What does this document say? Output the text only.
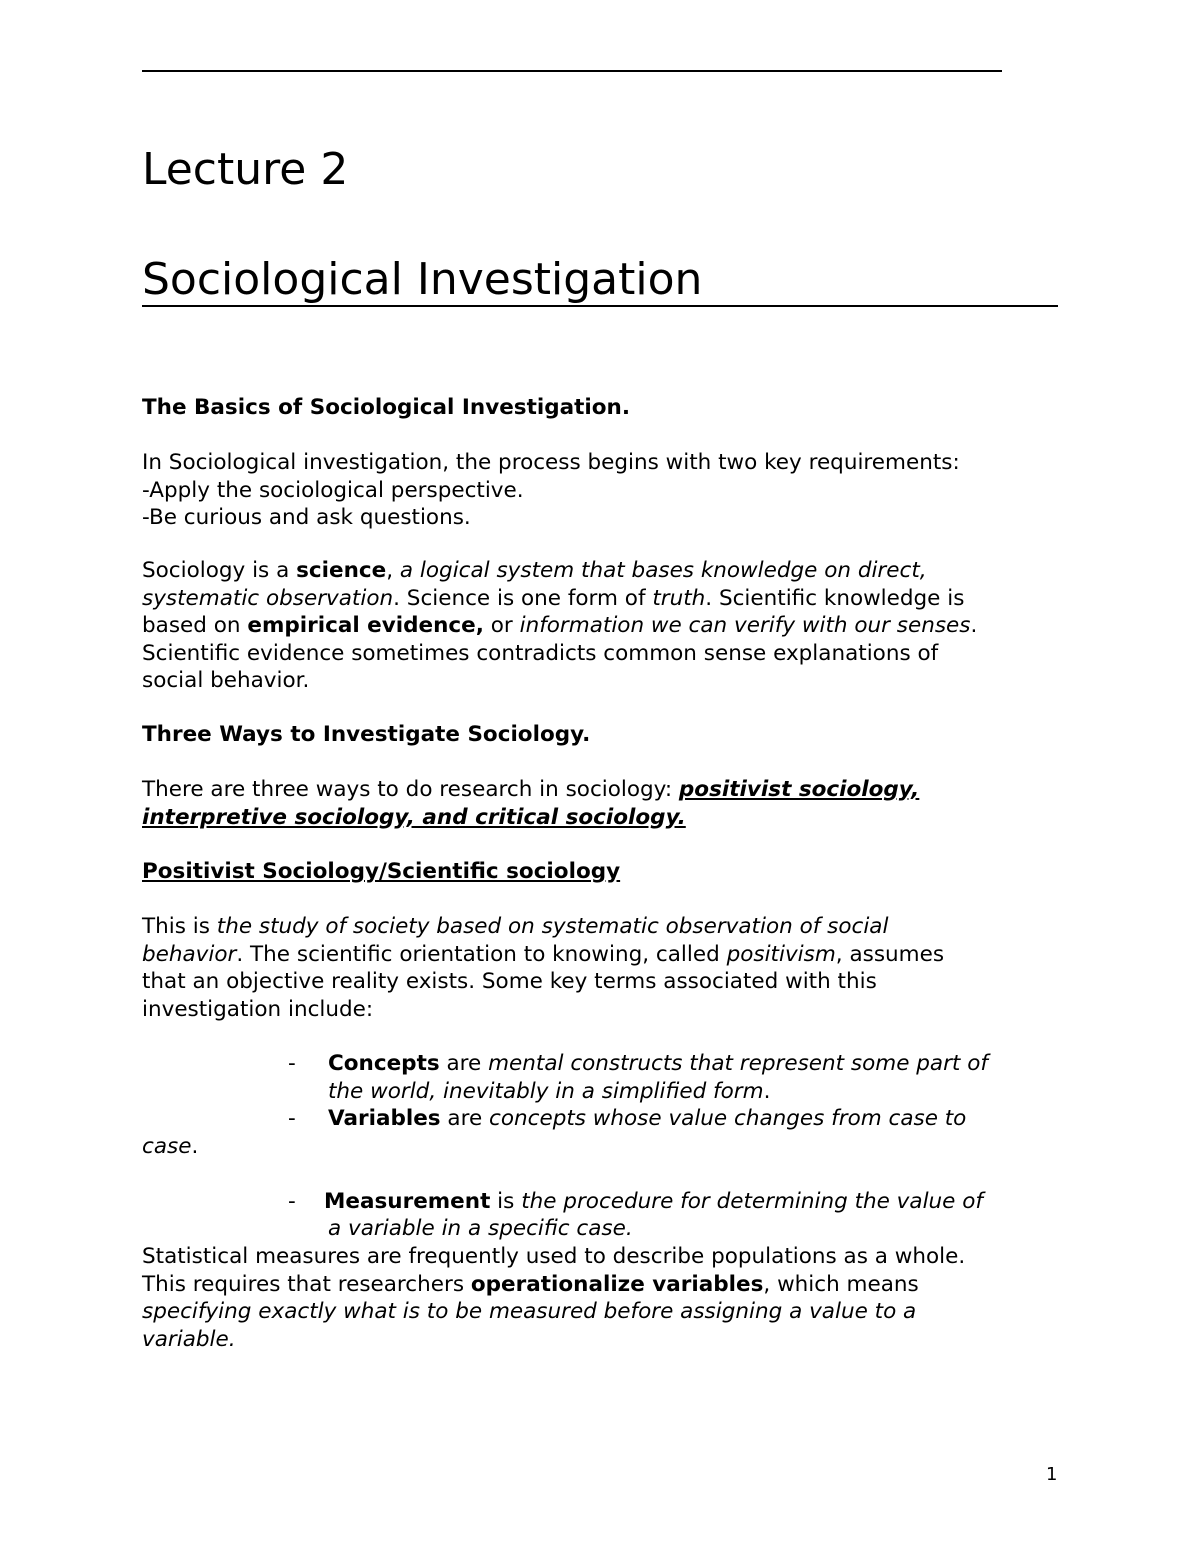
Lecture 2
Sociological Investigation
The Basics of Sociological Investigation.
In Sociological investigation, the process begins with two key requirements:
-Apply the sociological perspective.
-Be curious and ask questions.
Sociology is a science, a logical system that bases knowledge on direct,
systematic observation. Science is one form of truth. Scientific knowledge is
based on empirical evidence, or information we can verify with our senses.
Scientific evidence sometimes contradicts common sense explanations of
social behavior.
Three Ways to Investigate Sociology.
There are three ways to do research in sociology: positivist sociology,
interpretive sociology, and critical sociology.
Positivist Sociology/Scientific sociology
This is the study of society based on systematic observation of social
behavior. The scientific orientation to knowing, called positivism, assumes
that an objective reality exists. Some key terms associated with this
investigation include:
- Concepts are mental constructs that represent some part of
the world, inevitably in a simplified form.
- Variables are concepts whose value changes from case to
case.
- Measurement is the procedure for determining the value of
a variable in a specific case.
Statistical measures are frequently used to describe populations as a whole.
This requires that researchers operationalize variables, which means
specifying exactly what is to be measured before assigning a value to a
variable.
1
